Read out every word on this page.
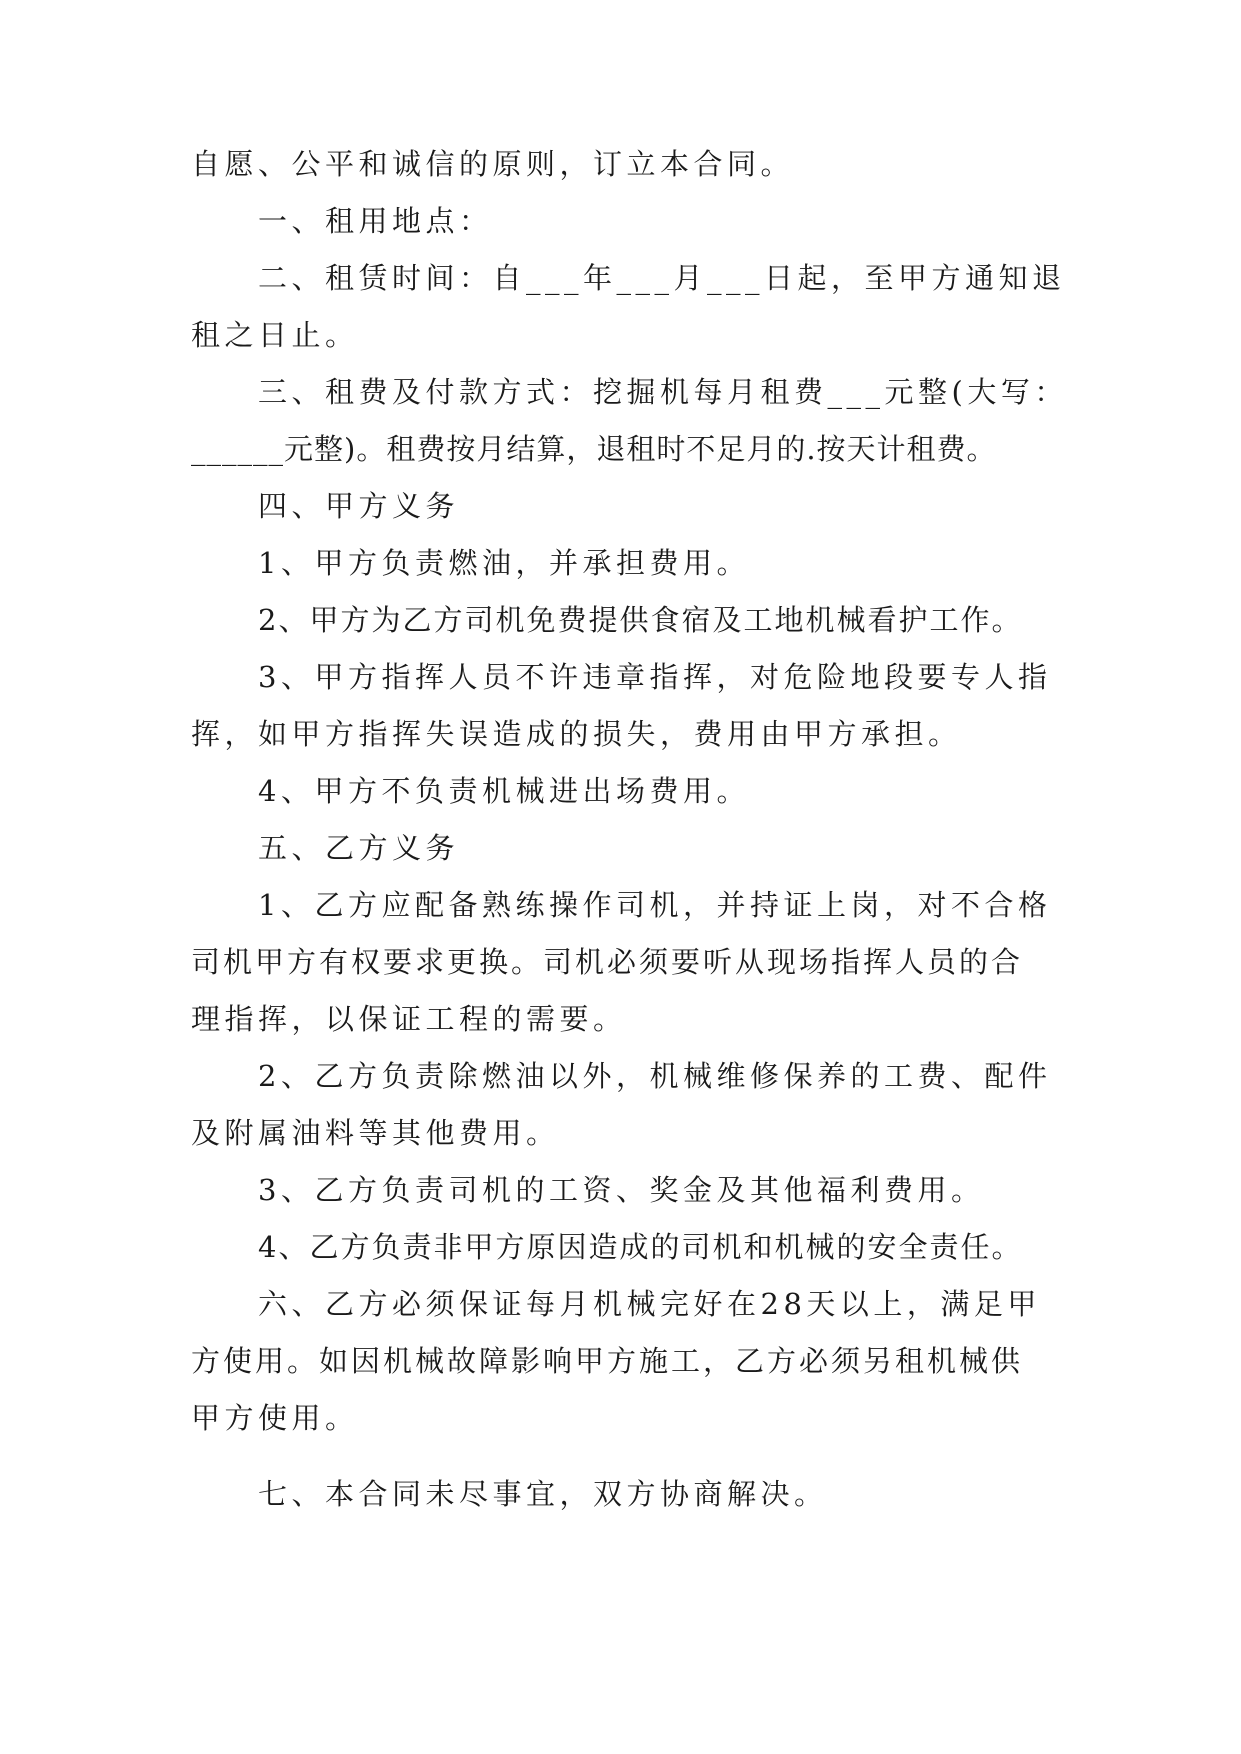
自愿、公平和诚信的原则，订立本合同。
一、租用地点：
二、租赁时间：自___年___月___日起，至甲方通知退
租之日止。
三、租费及付款方式：挖掘机每月租费___元整(大写：
______元整)。租费按月结算，退租时不足月的.按天计租费。
四、甲方义务
1、甲方负责燃油，并承担费用。
2、甲方为乙方司机免费提供食宿及工地机械看护工作。
3、甲方指挥人员不许违章指挥，对危险地段要专人指
挥，如甲方指挥失误造成的损失，费用由甲方承担。
4、甲方不负责机械进出场费用。
五、乙方义务
1、乙方应配备熟练操作司机，并持证上岗，对不合格
司机甲方有权要求更换。司机必须要听从现场指挥人员的合
理指挥，以保证工程的需要。
2、乙方负责除燃油以外，机械维修保养的工费、配件
及附属油料等其他费用。
3、乙方负责司机的工资、奖金及其他福利费用。
4、乙方负责非甲方原因造成的司机和机械的安全责任。
六、乙方必须保证每月机械完好在28天以上，满足甲
方使用。如因机械故障影响甲方施工，乙方必须另租机械供
甲方使用。
七、本合同未尽事宜，双方协商解决。
